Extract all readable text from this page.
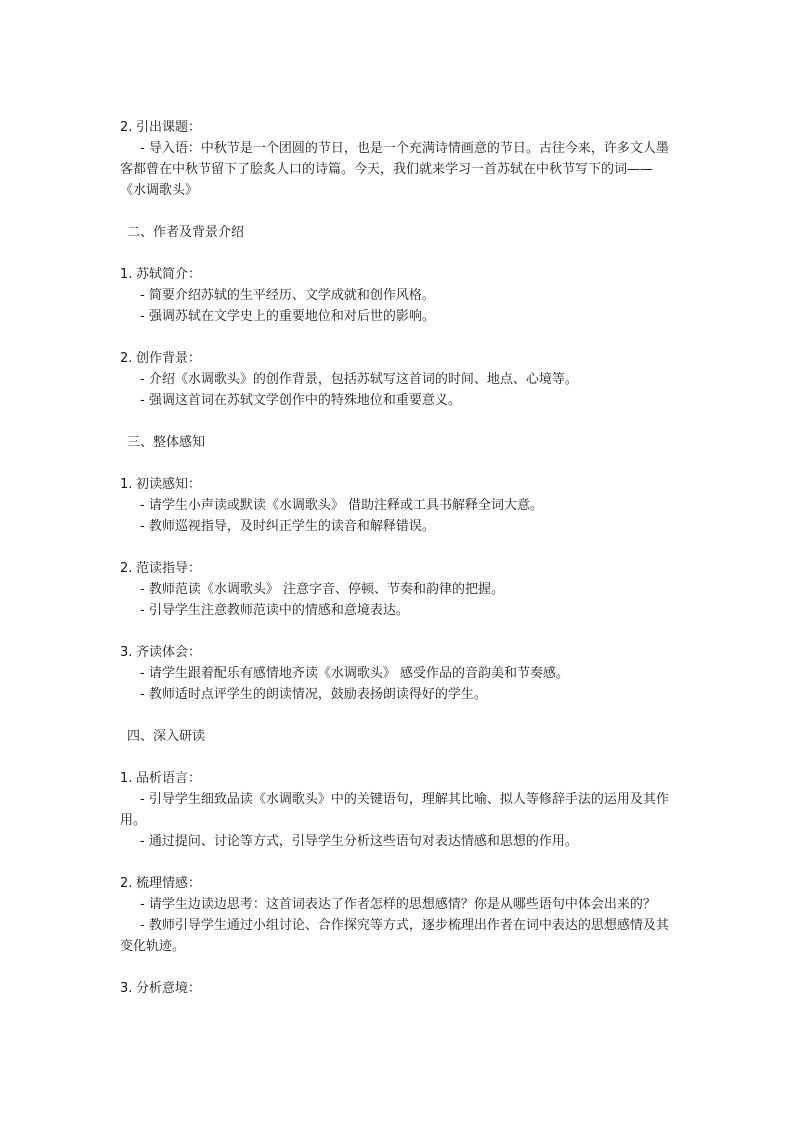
2. 引出课题：
- 导入语：中秋节是一个团圆的节日，也是一个充满诗情画意的节日。古往今来，许多文人墨客都曾在中秋节留下了脍炙人口的诗篇。今天，我们就来学习一首苏轼在中秋节写下的词——《水调歌头》
二、作者及背景介绍
1. 苏轼简介：
- 简要介绍苏轼的生平经历、文学成就和创作风格。
- 强调苏轼在文学史上的重要地位和对后世的影响。
2. 创作背景：
- 介绍《水调歌头》的创作背景，包括苏轼写这首词的时间、地点、心境等。
- 强调这首词在苏轼文学创作中的特殊地位和重要意义。
三、整体感知
1. 初读感知：
- 请学生小声读或默读《水调歌头》 借助注释或工具书解释全词大意。
- 教师巡视指导，及时纠正学生的读音和解释错误。
2. 范读指导：
- 教师范读《水调歌头》 注意字音、停顿、节奏和韵律的把握。
- 引导学生注意教师范读中的情感和意境表达。
3. 齐读体会：
- 请学生跟着配乐有感情地齐读《水调歌头》 感受作品的音韵美和节奏感。
- 教师适时点评学生的朗读情况，鼓励表扬朗读得好的学生。
四、深入研读
1. 品析语言：
- 引导学生细致品读《水调歌头》中的关键语句，理解其比喻、拟人等修辞手法的运用及其作用。
- 通过提问、讨论等方式，引导学生分析这些语句对表达情感和思想的作用。
2. 梳理情感：
- 请学生边读边思考：这首词表达了作者怎样的思想感情？你是从哪些语句中体会出来的？
- 教师引导学生通过小组讨论、合作探究等方式，逐步梳理出作者在词中表达的思想感情及其变化轨迹。
3. 分析意境：
